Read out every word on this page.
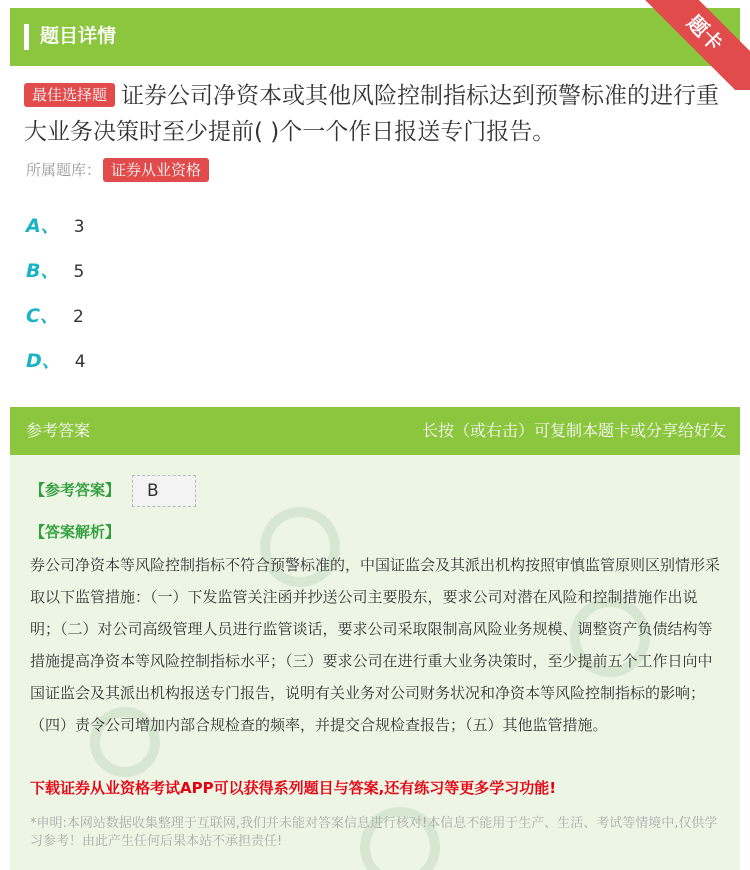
题目详情	题卡
最佳选择题 证券公司净资本或其他风险控制指标达到预警标准的进行重大业务决策时至少提前( )个一个作日报送专门报告。
所属题库： 证券从业资格
A、 3
B、 5
C、 2
D、 4
参考答案	长按（或右击）可复制本题卡或分享给好友
【参考答案】	B
【答案解析】
券公司净资本等风险控制指标不符合预警标准的，中国证监会及其派出机构按照审慎监管原则区别情形采取以下监管措施：（一）下发监管关注函并抄送公司主要股东，要求公司对潜在风险和控制措施作出说明；（二）对公司高级管理人员进行监管谈话，要求公司采取限制高风险业务规模、调整资产负债结构等措施提高净资本等风险控制指标水平；（三）要求公司在进行重大业务决策时，至少提前五个工作日向中国证监会及其派出机构报送专门报告，说明有关业务对公司财务状况和净资本等风险控制指标的影响；（四）责令公司增加内部合规检查的频率，并提交合规检查报告；（五）其他监管措施。
下载证券从业资格考试APP可以获得系列题目与答案,还有练习等更多学习功能!
*申明:本网站数据收集整理于互联网,我们并未能对答案信息进行核对!本信息不能用于生产、生活、考试等情境中,仅供学习参考！由此产生任何后果本站不承担责任!
